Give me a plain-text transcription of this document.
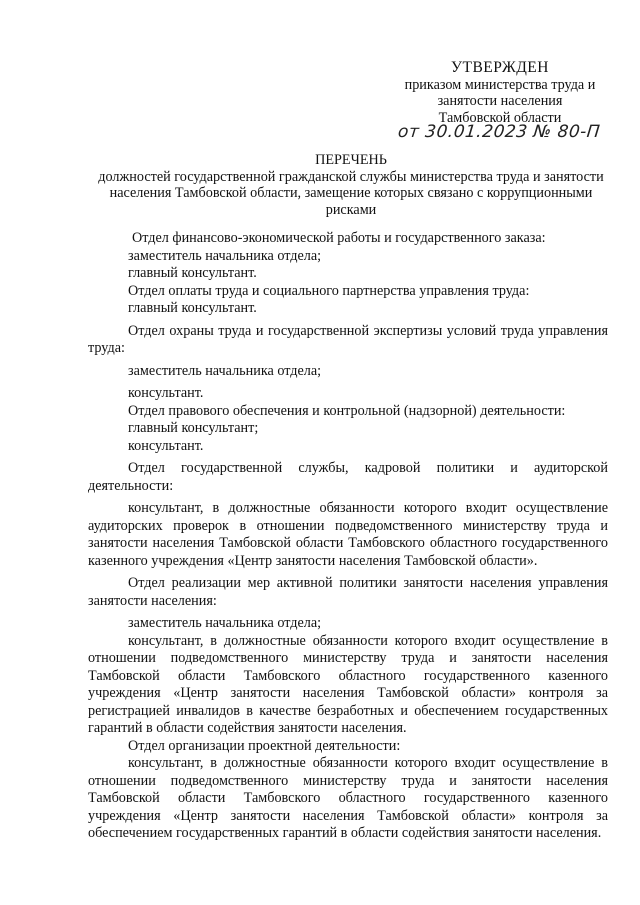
УТВЕРЖДЕН
приказом министерства труда и
занятости населения
Тамбовской области
от 30.01.2023 № 80-П
ПЕРЕЧЕНЬ
должностей государственной гражданской службы министерства труда и занятости населения Тамбовской области, замещение которых связано с коррупционными рисками

Отдел финансово-экономической работы и государственного заказа:

заместитель начальника отдела;

главный консультант.

Отдел оплаты труда и социального партнерства управления труда:

главный консультант.

Отдел охраны труда и государственной экспертизы условий труда управления труда:

заместитель начальника отдела;

консультант.

Отдел правового обеспечения и контрольной (надзорной) деятельности:

главный консультант;

консультант.

Отдел государственной службы, кадровой политики и аудиторской деятельности:

консультант, в должностные обязанности которого входит осуществление аудиторских проверок в отношении подведомственного министерству труда и занятости населения Тамбовской области Тамбовского областного государственного казенного учреждения «Центр занятости населения Тамбовской области».

Отдел реализации мер активной политики занятости населения управления занятости населения:

заместитель начальника отдела;

консультант, в должностные обязанности которого входит осуществление в отношении подведомственного министерству труда и занятости населения Тамбовской области Тамбовского областного государственного казенного учреждения «Центр занятости населения Тамбовской области» контроля за регистрацией инвалидов в качестве безработных и обеспечением государственных гарантий в области содействия занятости населения.

Отдел организации проектной деятельности:

консультант, в должностные обязанности которого входит осуществление в отношении подведомственного министерству труда и занятости населения Тамбовской области Тамбовского областного государственного казенного учреждения «Центр занятости населения Тамбовской области» контроля за обеспечением государственных гарантий в области содействия занятости населения.
